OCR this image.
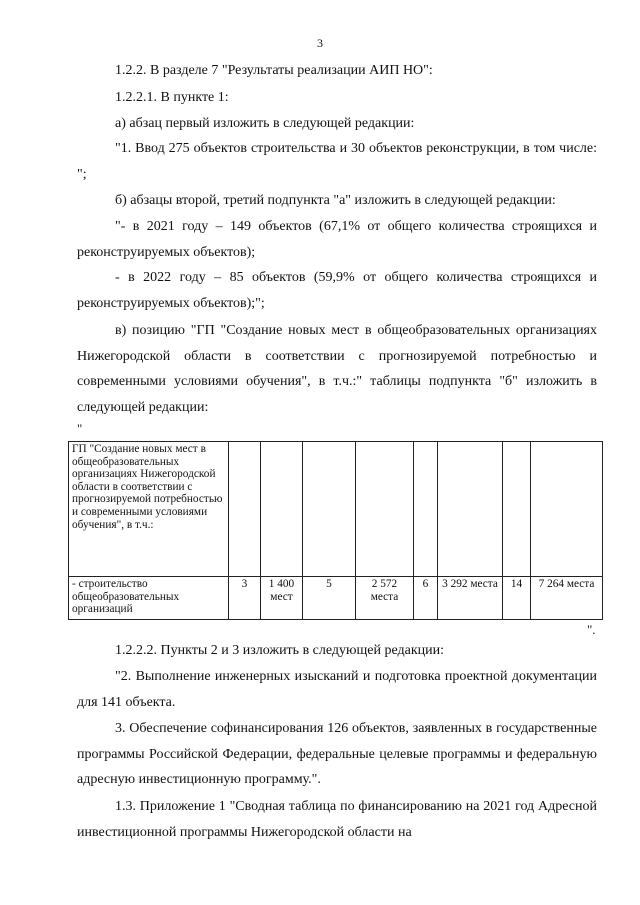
3

1.2.2. В разделе 7 "Результаты реализации АИП НО":

1.2.2.1. В пункте 1:

а) абзац первый изложить в следующей редакции:

"1. Ввод 275 объектов строительства и 30 объектов реконструкции, в том числе: ";

б) абзацы второй, третий подпункта "а" изложить в следующей редакции:

"- в 2021 году – 149 объектов (67,1% от общего количества строящихся и реконструируемых объектов);

- в 2022 году – 85 объектов (59,9% от общего количества строящихся и реконструируемых объектов);";

в) позицию "ГП "Создание новых мест в общеобразовательных организациях Нижегородской области в соответствии с прогнозируемой потребностью и современными условиями обучения", в т.ч.:" таблицы подпункта "б" изложить в следующей редакции:

"
ГП "Создание новых мест в общеобразовательных организациях Нижегородской области в соответствии с прогнозируемой потребностью и современными условиями обучения", в т.ч.:								
- строительство общеобразовательных организаций	3	1 400 мест	5	2 572 места	6	3 292 места	14	7 264 места
".

1.2.2.2. Пункты 2 и 3 изложить в следующей редакции:

"2. Выполнение инженерных изысканий и подготовка проектной документации для 141 объекта.

3. Обеспечение софинансирования 126 объектов, заявленных в государственные программы Российской Федерации, федеральные целевые программы и федеральную адресную инвестиционную программу.".

1.3. Приложение 1 "Сводная таблица по финансированию на 2021 год Адресной инвестиционной программы Нижегородской области на
